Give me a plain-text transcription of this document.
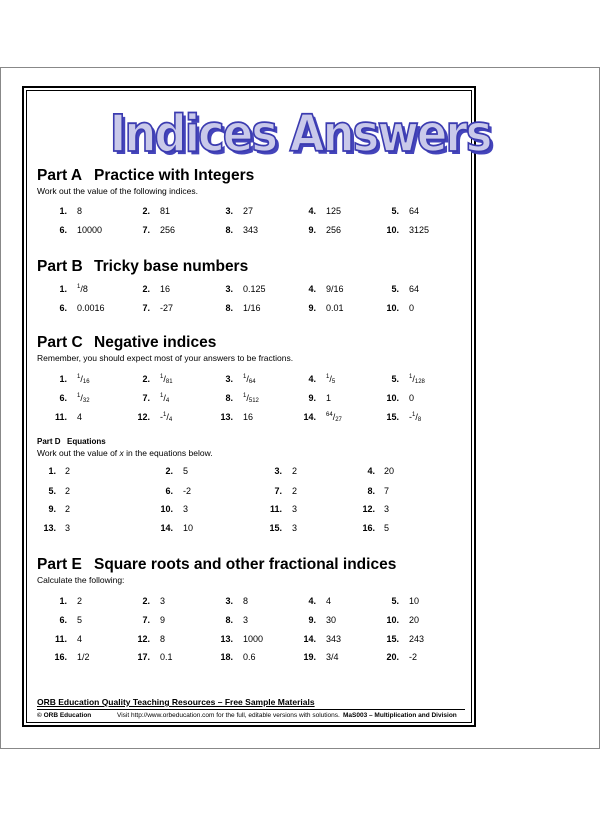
Indices Answers
Part A Practice with Integers
Work out the value of the following indices.
1. 8	2. 81	3. 27	4. 125	5. 64
6. 10000	7. 256	8. 343	9. 256	10. 3125
Part B Tricky base numbers
1. $^1$/8	2. 16	3. 0.125	4. 9/16	5. 64
6. 0.0016	7. -27	8. 1/16	9. 0.01	10. 0
Part C Negative indices
Remember, you should expect most of your answers to be fractions.
1. $^1/_{16}$	2. $^1/_{81}$	3. $^1/_{64}$	4. $^1/_5$	5. $^1/_{128}$
6. $^1/_{32}$	7. $^1/_4$	8. $^1/_{512}$	9. 1	10. 0
11. 4	12. $-^1/_4$	13. 16	14. $^{64}/_{27}$	15. $-^1/_8$
Part D Equations
Work out the value of x in the equations below.
1. 2	2. 5	3. 2	4. 20
5. 2	6. -2	7. 2	8. 7
9. 2	10. 3	11. 3	12. 3
13. 3	14. 10	15. 3	16. 5
Part E Square roots and other fractional indices
Calculate the following:
1. 2	2. 3	3. 8	4. 4	5. 10
6. 5	7. 9	8. 3	9. 30	10. 20
11. 4	12. 8	13. 1000	14. 343	15. 243
16. 1/2	17. 0.1	18. 0.6	19. 3/4	20. -2
ORB Education Quality Teaching Resources – Free Sample Materials
© ORB Education	Visit http://www.orbeducation.com for the full, editable versions with solutions. MaS003 – Multiplication and Division
